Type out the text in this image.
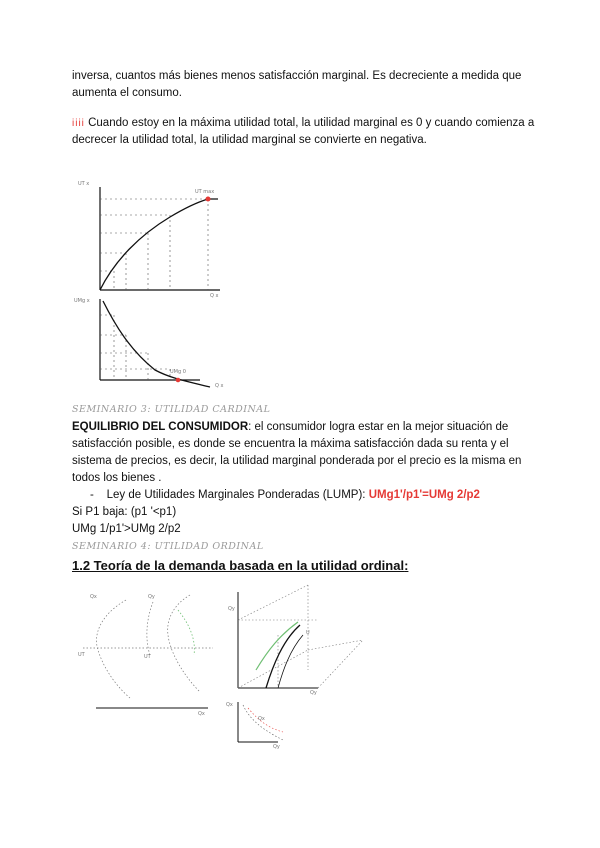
inversa, cuantos más bienes menos satisfacción marginal. Es decreciente a medida que
aumenta el consumo.
iiii Cuando estoy en la máxima utilidad total, la utilidad marginal es 0 y cuando comienza a
decrecer la utilidad total, la utilidad marginal se convierte en negativa.
UT x
UT max
Q x
UMg x
UMg 0
Q x
SEMINARIO 3: UTILIDAD CARDINAL
EQUILIBRIO DEL CONSUMIDOR: el consumidor logra estar en la mejor situación de
satisfacción posible, es donde se encuentra la máxima satisfacción dada su renta y el
sistema de precios, es decir, la utilidad marginal ponderada por el precio es la misma en
todos los bienes .
- Ley de Utilidades Marginales Ponderadas (LUMP): UMg1'/p1'=UMg 2/p2
Si P1 baja: (p1 '<p1)
UMg 1/p1'>UMg 2/p2
SEMINARIO 4: UTILIDAD ORDINAL
1.2 Teoría de la demanda basada en la utilidad ordinal:
Qx	Qy
UT	UT
Qx
Qy
U
Qy
Qx
Qy
Qx
